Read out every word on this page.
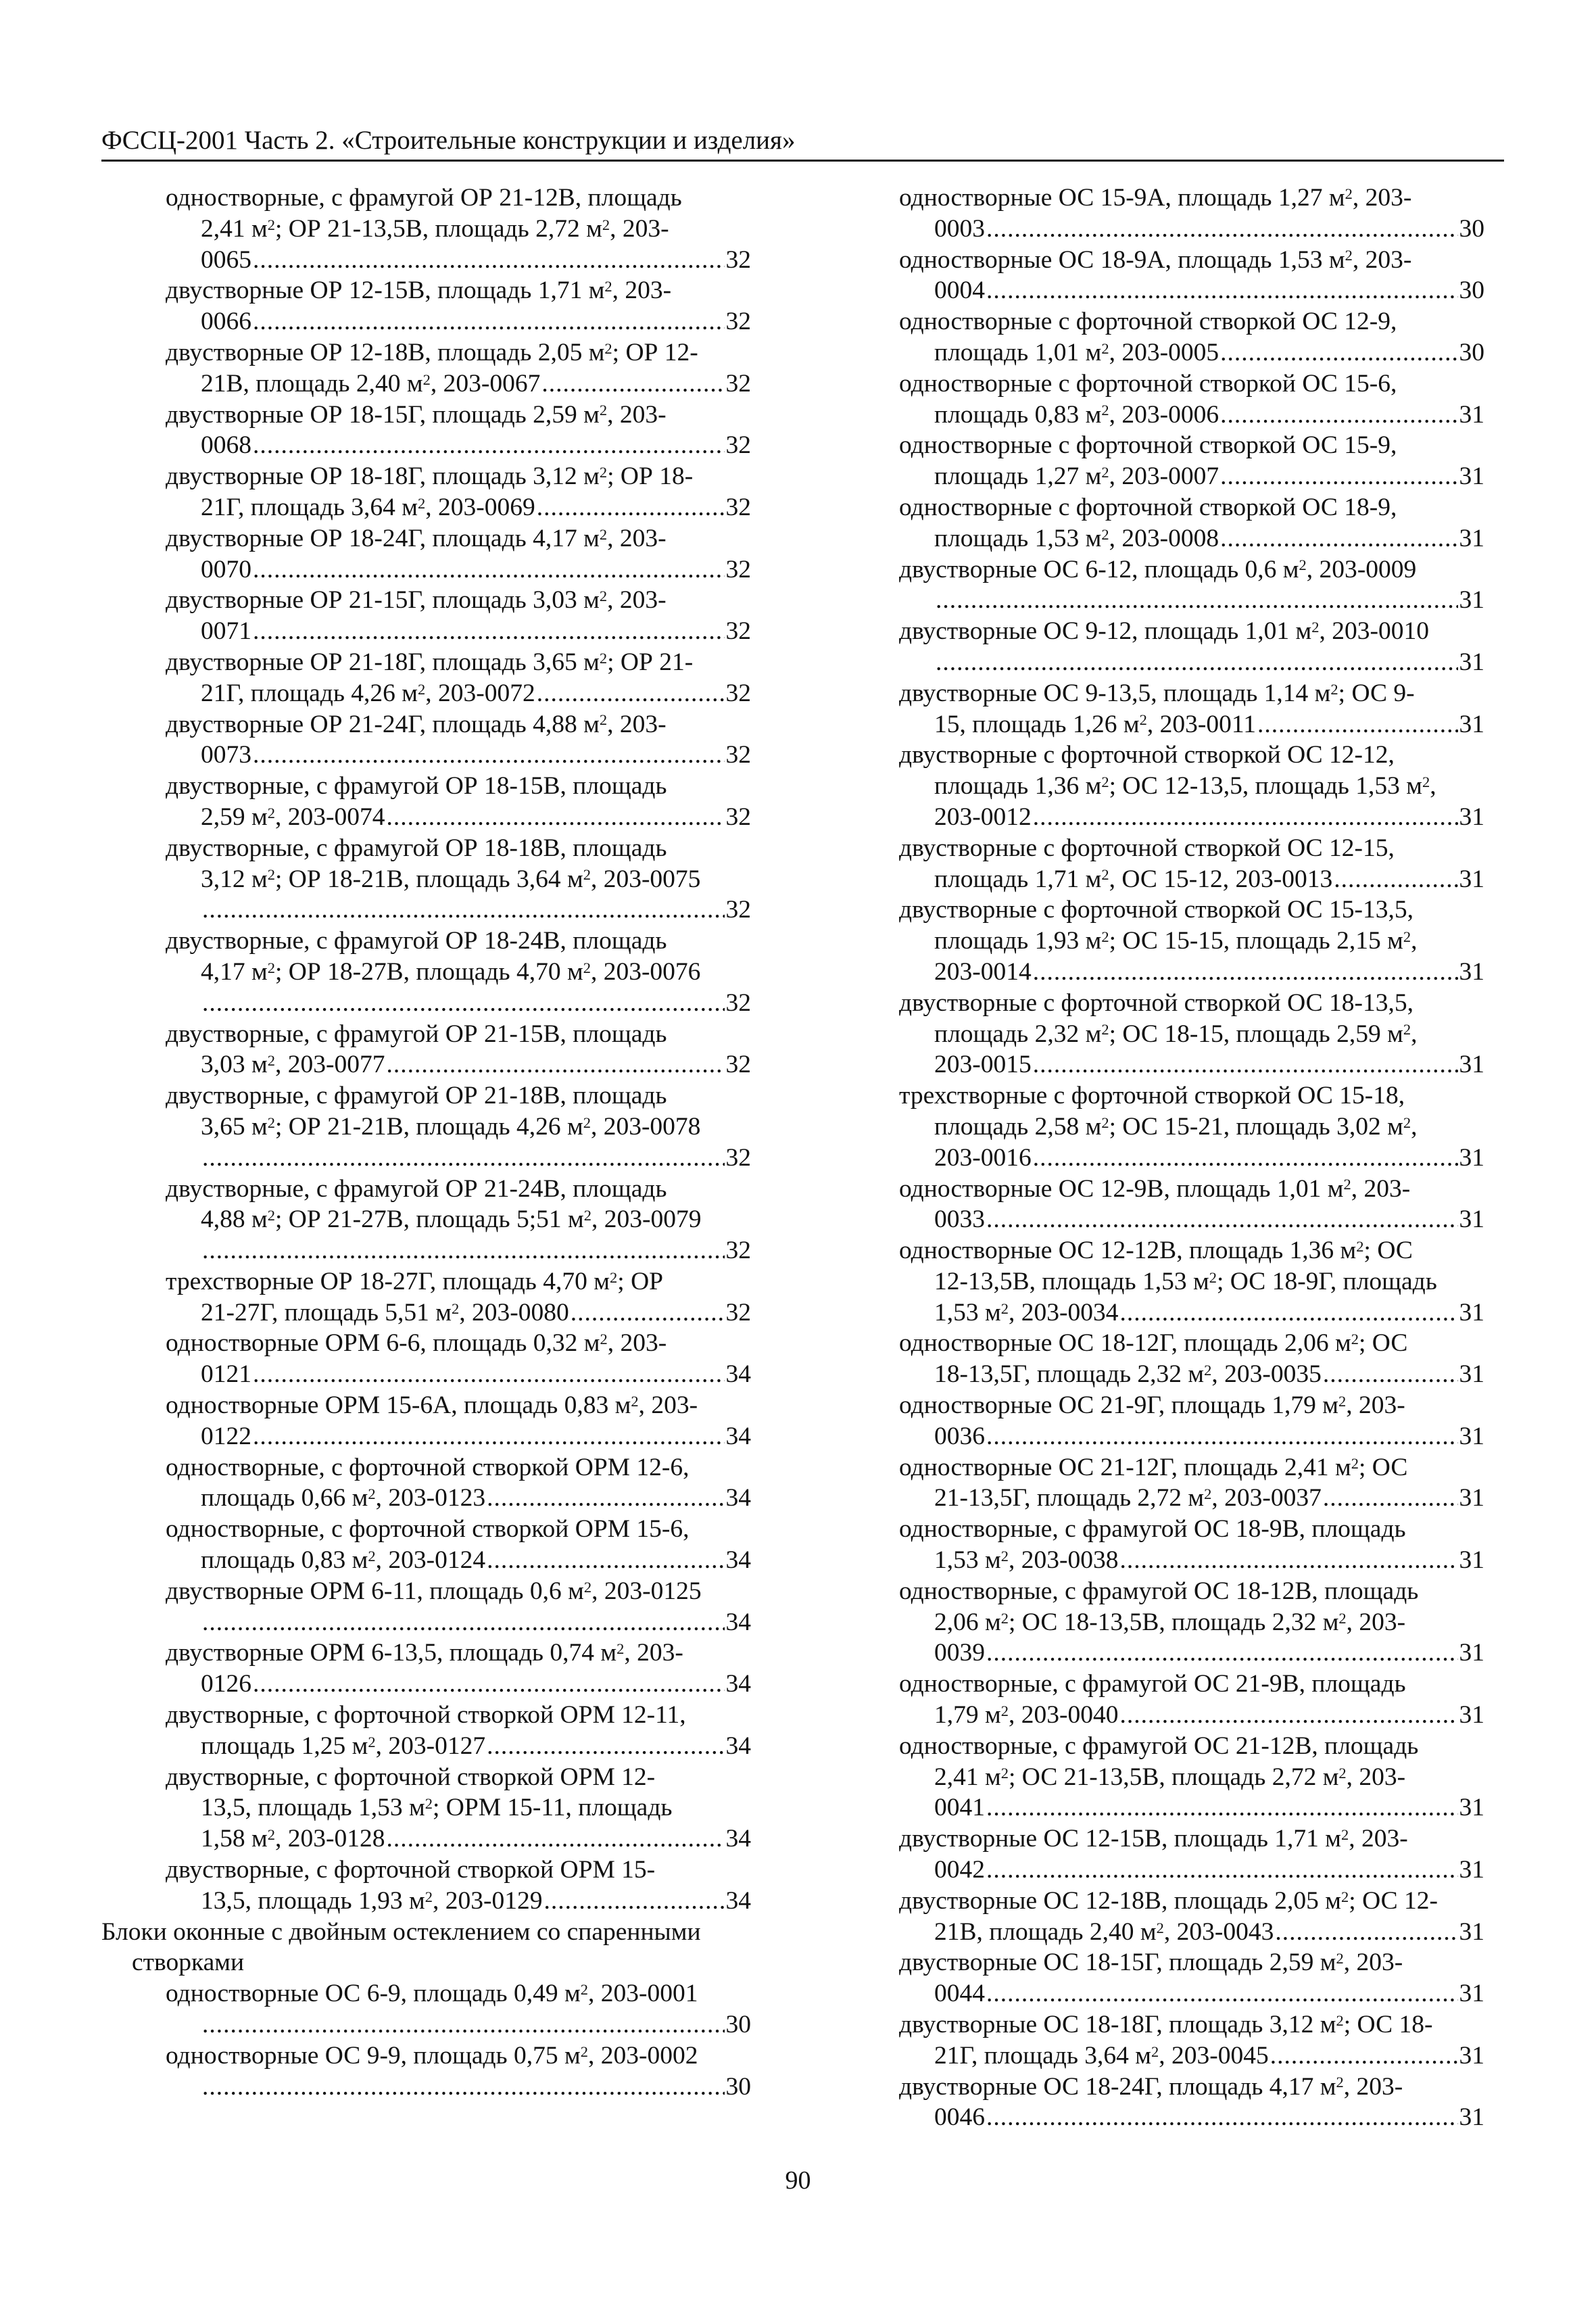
ФССЦ-2001 Часть 2. «Строительные конструкции и изделия»
одностворные, с фрамугой ОР 21-12В, площадь
2,41 $м^2$; ОР 21-13,5В, площадь 2,72 $м^2$, 203-
0065 .....	32
двустворные ОР 12-15В, площадь 1,71 $м^2$, 203-
0066 .....	32
двустворные ОР 12-18В, площадь 2,05 $м^2$; ОР 12-
21В, площадь 2,40 $м^2$, 203-0067 .....	32
двустворные ОР 18-15Г, площадь 2,59 $м^2$, 203-
0068 .....	32
двустворные ОР 18-18Г, площадь 3,12 $м^2$; ОР 18-
21Г, площадь 3,64 $м^2$, 203-0069 .....	32
двустворные ОР 18-24Г, площадь 4,17 $м^2$, 203-
0070 .....	32
двустворные ОР 21-15Г, площадь 3,03 $м^2$, 203-
0071 .....	32
двустворные ОР 21-18Г, площадь 3,65 $м^2$; ОР 21-
21Г, площадь 4,26 $м^2$, 203-0072 .....	32
двустворные ОР 21-24Г, площадь 4,88 $м^2$, 203-
0073 .....	32
двустворные, с фрамугой ОР 18-15В, площадь
2,59 $м^2$, 203-0074 .....	32
двустворные, с фрамугой ОР 18-18В, площадь
3,12 $м^2$; ОР 18-21В, площадь 3,64 $м^2$, 203-0075
.....
32
двустворные, с фрамугой ОР 18-24В, площадь
4,17 $м^2$; ОР 18-27В, площадь 4,70 $м^2$, 203-0076
.....
32
двустворные, с фрамугой ОР 21-15В, площадь
3,03 $м^2$, 203-0077 .....	32
двустворные, с фрамугой ОР 21-18В, площадь
3,65 $м^2$; ОР 21-21В, площадь 4,26 $м^2$, 203-0078
.....
32
двустворные, с фрамугой ОР 21-24В, площадь
4,88 $м^2$; ОР 21-27В, площадь 5;51 $м^2$, 203-0079
.....
32
трехстворные ОР 18-27Г, площадь 4,70 $м^2$; ОР
21-27Г, площадь 5,51 $м^2$, 203-0080 .....	32
одностворные ОРМ 6-6, площадь 0,32 $м^2$, 203-
0121 .....	34
одностворные ОРМ 15-6А, площадь 0,83 $м^2$, 203-
0122 .....	34
одностворные, с форточной створкой ОРМ 12-6,
площадь 0,66 $м^2$, 203-0123 .....	34
одностворные, с форточной створкой ОРМ 15-6,
площадь 0,83 $м^2$, 203-0124 .....	34
двустворные ОРМ 6-11, площадь 0,6 $м^2$, 203-0125
.....
34
двустворные ОРМ 6-13,5, площадь 0,74 $м^2$, 203-
0126 .....	34
двустворные, с форточной створкой ОРМ 12-11,
площадь 1,25 $м^2$, 203-0127 .....	34
двустворные, с форточной створкой ОРМ 12-
13,5, площадь 1,53 $м^2$; ОРМ 15-11, площадь
1,58 $м^2$, 203-0128 .....	34
двустворные, с форточной створкой ОРМ 15-
13,5, площадь 1,93 $м^2$, 203-0129 .....	34
Блоки оконные с двойным остеклением со спаренными
створками
одностворные ОС 6-9, площадь 0,49 $м^2$, 203-0001
.....
30
одностворные ОС 9-9, площадь 0,75 $м^2$, 203-0002
.....
30
одностворные ОС 15-9А, площадь 1,27 $м^2$, 203-
0003 .....	30
одностворные ОС 18-9А, площадь 1,53 $м^2$, 203-
0004 .....	30
одностворные с форточной створкой ОС 12-9,
площадь 1,01 $м^2$, 203-0005 .....	30
одностворные с форточной створкой ОС 15-6,
площадь 0,83 $м^2$, 203-0006 .....	31
одностворные с форточной створкой ОС 15-9,
площадь 1,27 $м^2$, 203-0007 .....	31
одностворные с форточной створкой ОС 18-9,
площадь 1,53 $м^2$, 203-0008 .....	31
двустворные ОС 6-12, площадь 0,6 $м^2$, 203-0009
.....
31
двустворные ОС 9-12, площадь 1,01 $м^2$, 203-0010
.....
31
двустворные ОС 9-13,5, площадь 1,14 $м^2$; ОС 9-
15, площадь 1,26 $м^2$, 203-0011 .....	31
двустворные с форточной створкой ОС 12-12,
площадь 1,36 $м^2$; ОС 12-13,5, площадь 1,53 $м^2$,
203-0012 .....	31
двустворные с форточной створкой ОС 12-15,
площадь 1,71 $м^2$, ОС 15-12, 203-0013 .....	31
двустворные с форточной створкой ОС 15-13,5,
площадь 1,93 $м^2$; ОС 15-15, площадь 2,15 $м^2$,
203-0014 .....	31
двустворные с форточной створкой ОС 18-13,5,
площадь 2,32 $м^2$; ОС 18-15, площадь 2,59 $м^2$,
203-0015 .....	31
трехстворные с форточной створкой ОС 15-18,
площадь 2,58 $м^2$; ОС 15-21, площадь 3,02 $м^2$,
203-0016 .....	31
одностворные ОС 12-9В, площадь 1,01 $м^2$, 203-
0033 .....	31
одностворные ОС 12-12В, площадь 1,36 $м^2$; ОС
12-13,5В, площадь 1,53 $м^2$; ОС 18-9Г, площадь
1,53 $м^2$, 203-0034 .....	31
одностворные ОС 18-12Г, площадь 2,06 $м^2$; ОС
18-13,5Г, площадь 2,32 $м^2$, 203-0035 .....	31
одностворные ОС 21-9Г, площадь 1,79 $м^2$, 203-
0036 .....	31
одностворные ОС 21-12Г, площадь 2,41 $м^2$; ОС
21-13,5Г, площадь 2,72 $м^2$, 203-0037 .....	31
одностворные, с фрамугой ОС 18-9В, площадь
1,53 $м^2$, 203-0038 .....	31
одностворные, с фрамугой ОС 18-12В, площадь
2,06 $м^2$; ОС 18-13,5В, площадь 2,32 $м^2$, 203-
0039 .....	31
одностворные, с фрамугой ОС 21-9В, площадь
1,79 $м^2$, 203-0040 .....	31
одностворные, с фрамугой ОС 21-12В, площадь
2,41 $м^2$; ОС 21-13,5В, площадь 2,72 $м^2$, 203-
0041 .....	31
двустворные ОС 12-15В, площадь 1,71 $м^2$, 203-
0042 .....	31
двустворные ОС 12-18В, площадь 2,05 $м^2$; ОС 12-
21В, площадь 2,40 $м^2$, 203-0043 .....	31
двустворные ОС 18-15Г, площадь 2,59 $м^2$, 203-
0044 .....	31
двустворные ОС 18-18Г, площадь 3,12 $м^2$; ОС 18-
21Г, площадь 3,64 $м^2$, 203-0045 .....	31
двустворные ОС 18-24Г, площадь 4,17 $м^2$, 203-
0046 .....	31
90
